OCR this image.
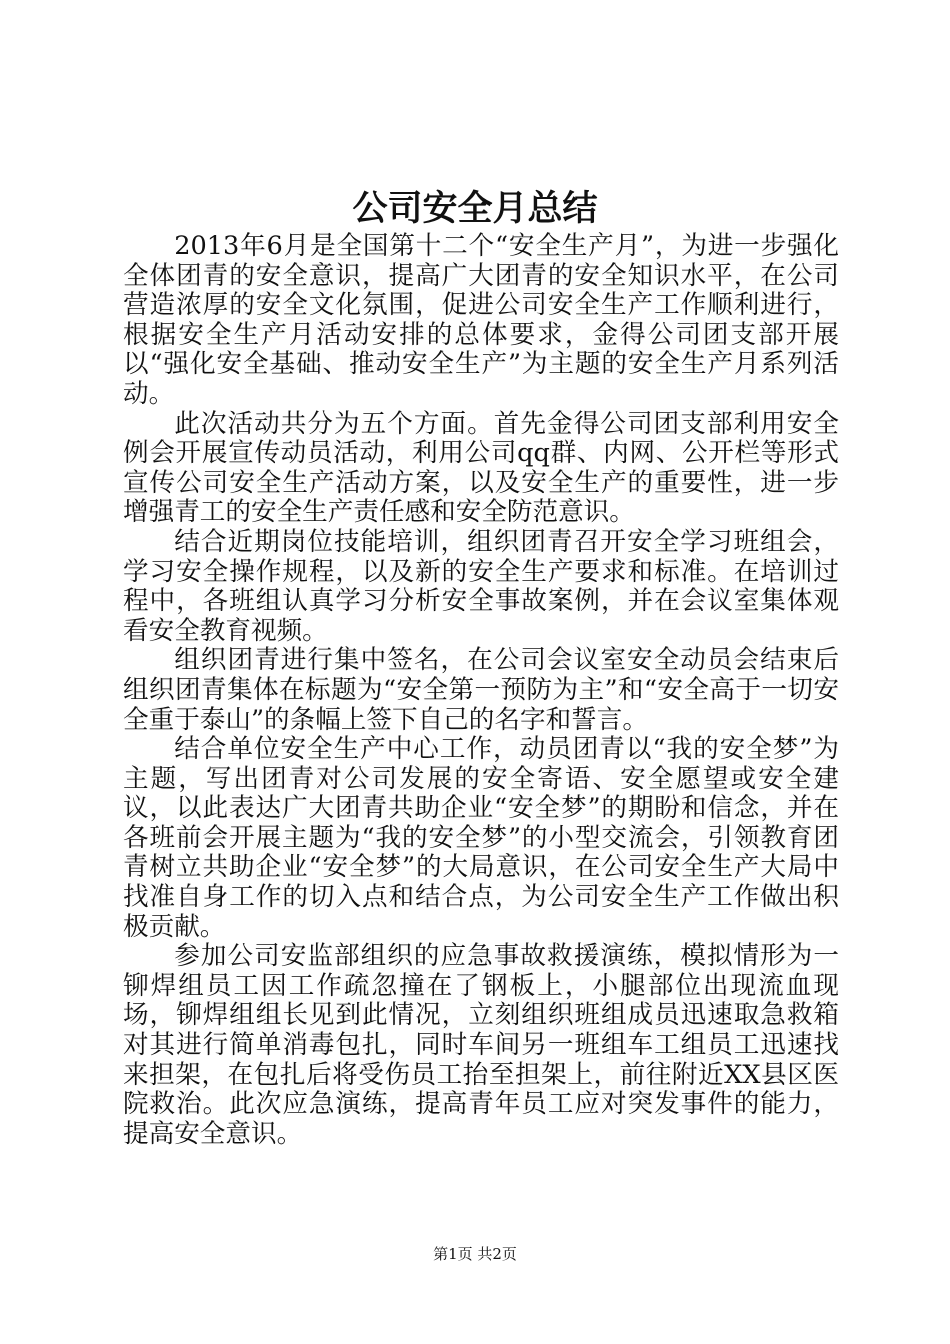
公司安全月总结

2013年6月是全国第十二个“安全生产月”，为进一步强化全体团青的安全意识，提高广大团青的安全知识水平，在公司营造浓厚的安全文化氛围，促进公司安全生产工作顺利进行，根据安全生产月活动安排的总体要求，金得公司团支部开展以“强化安全基础、推动安全生产”为主题的安全生产月系列活动。

此次活动共分为五个方面。首先金得公司团支部利用安全例会开展宣传动员活动，利用公司qq群、内网、公开栏等形式宣传公司安全生产活动方案，以及安全生产的重要性，进一步增强青工的安全生产责任感和安全防范意识。

结合近期岗位技能培训，组织团青召开安全学习班组会，学习安全操作规程，以及新的安全生产要求和标准。在培训过程中，各班组认真学习分析安全事故案例，并在会议室集体观看安全教育视频。

组织团青进行集中签名，在公司会议室安全动员会结束后组织团青集体在标题为“安全第一预防为主”和“安全高于一切安全重于泰山”的条幅上签下自己的名字和誓言。

结合单位安全生产中心工作，动员团青以“我的安全梦”为主题，写出团青对公司发展的安全寄语、安全愿望或安全建议，以此表达广大团青共助企业“安全梦”的期盼和信念，并在各班前会开展主题为“我的安全梦”的小型交流会，引领教育团青树立共助企业“安全梦”的大局意识，在公司安全生产大局中找准自身工作的切入点和结合点，为公司安全生产工作做出积极贡献。

参加公司安监部组织的应急事故救援演练，模拟情形为一铆焊组员工因工作疏忽撞在了钢板上，小腿部位出现流血现场，铆焊组组长见到此情况，立刻组织班组成员迅速取急救箱对其进行简单消毒包扎，同时车间另一班组车工组员工迅速找来担架，在包扎后将受伤员工抬至担架上，前往附近XX县区医院救治。此次应急演练，提高青年员工应对突发事件的能力，提高安全意识。

第1页 共2页
